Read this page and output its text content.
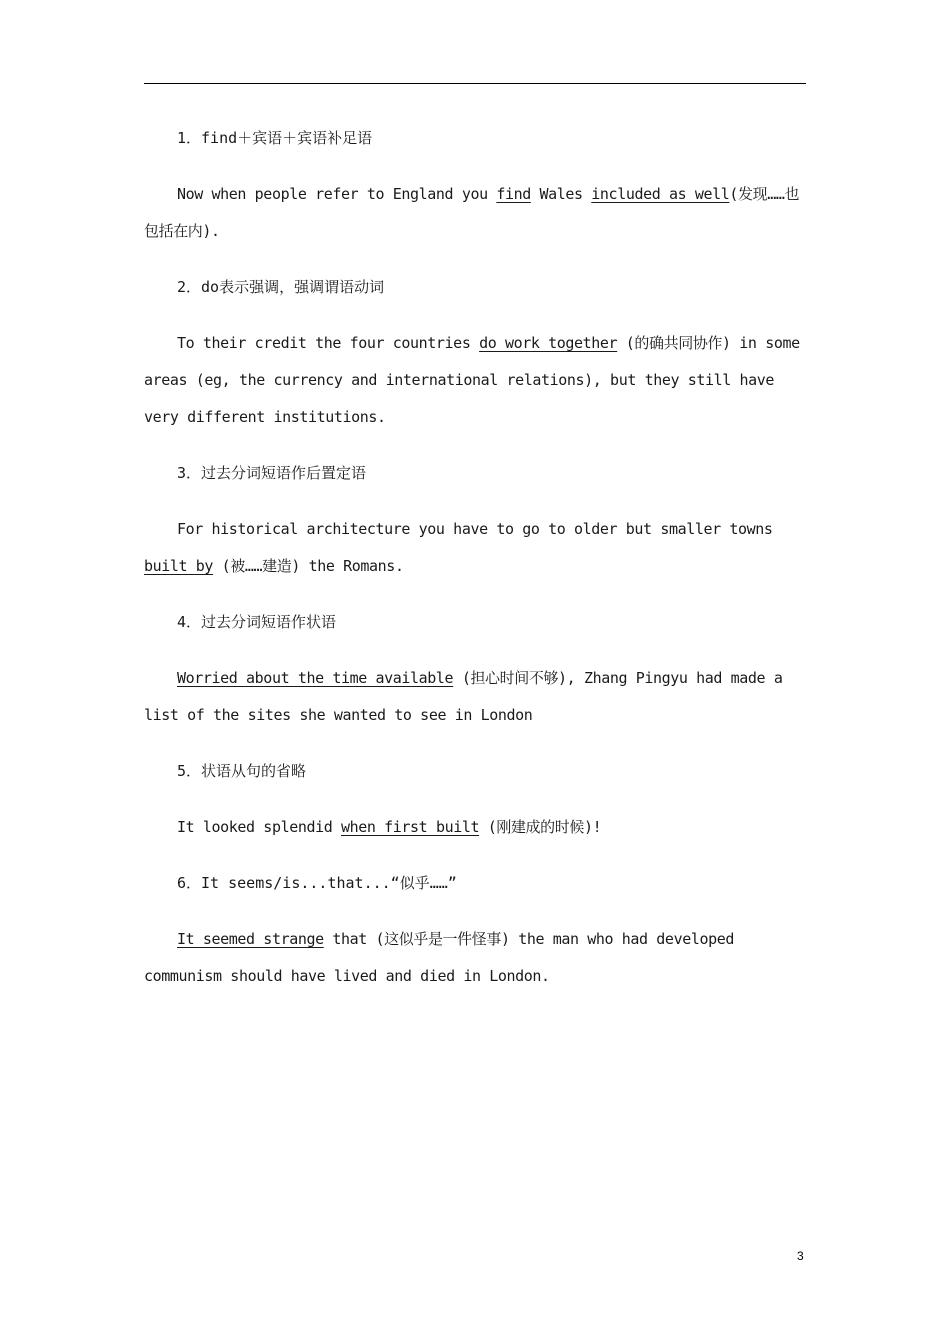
1．find＋宾语＋宾语补足语
Now when people refer to England you find Wales included as well(发现……也包括在内).
2．do表示强调，强调谓语动词
To their credit the four countries do work together (的确共同协作) in some areas (eg, the currency and international relations), but they still have very different institutions.
3．过去分词短语作后置定语
For historical architecture you have to go to older but smaller towns built by (被……建造) the Romans.
4．过去分词短语作状语
Worried about the time available (担心时间不够), Zhang Pingyu had made a list of the sites she wanted to see in London
5．状语从句的省略
It looked splendid when first built (刚建成的时候)!
6．It seems/is...that...“似乎……”
It seemed strange that (这似乎是一件怪事) the man who had developed communism should have lived and died in London.
3
